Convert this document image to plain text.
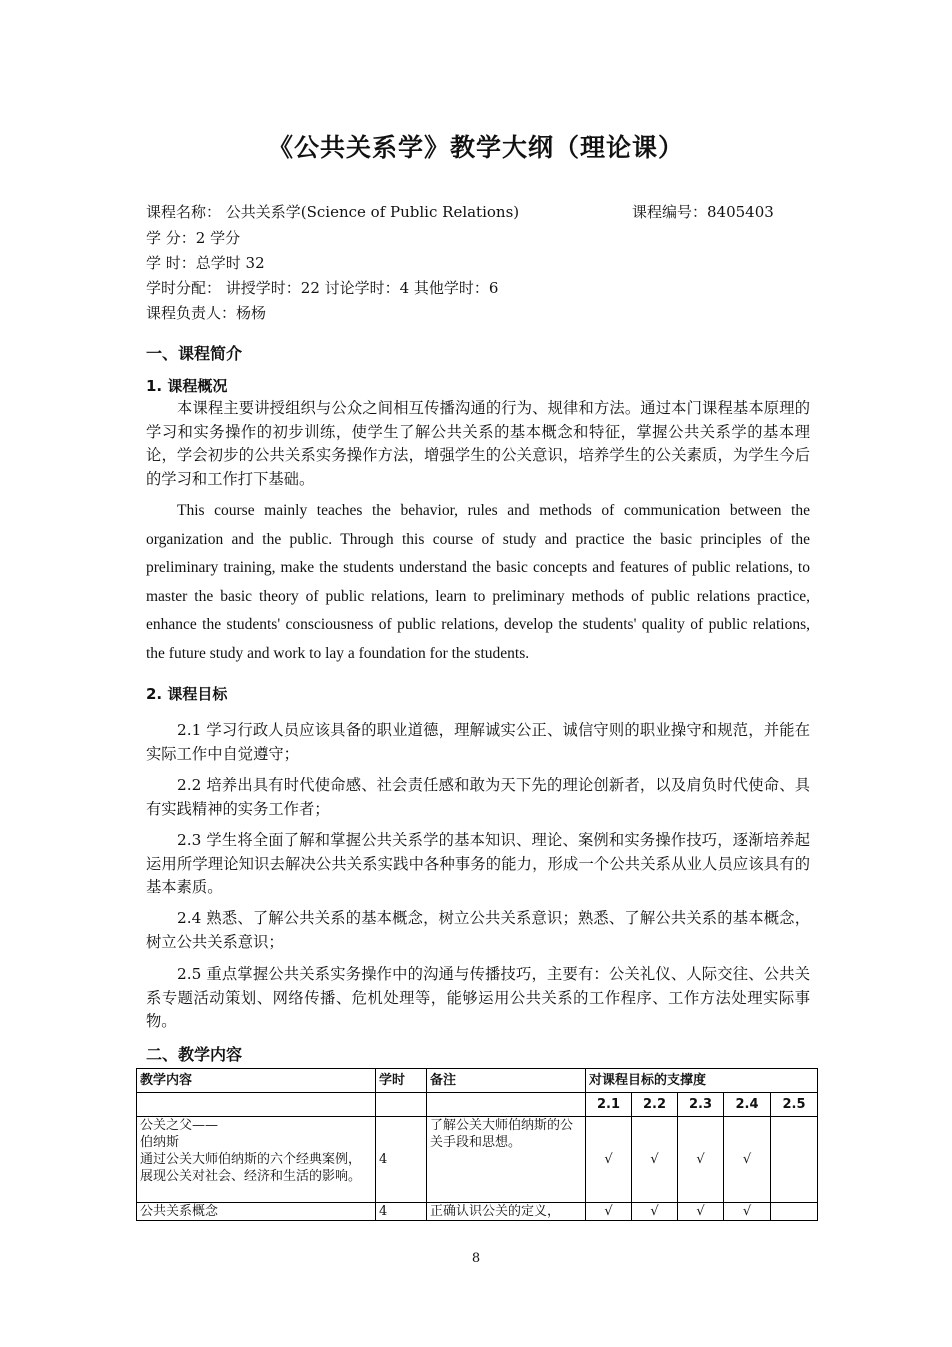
《公共关系学》教学大纲（理论课）
课程名称： 公共关系学(Science of Public Relations)	课程编号：8405403
学 分：2 学分
学 时：总学时 32
学时分配： 讲授学时：22 讨论学时：4 其他学时：6
课程负责人：杨杨
一、课程简介
1. 课程概况

本课程主要讲授组织与公众之间相互传播沟通的行为、规律和方法。通过本门课程基本原理的学习和实务操作的初步训练，使学生了解公共关系的基本概念和特征，掌握公共关系学的基本理论，学会初步的公共关系实务操作方法，增强学生的公关意识，培养学生的公关素质，为学生今后的学习和工作打下基础。

This course mainly teaches the behavior, rules and methods of communication between the organization and the public. Through this course of study and practice the basic principles of the preliminary training, make the students understand the basic concepts and features of public relations, to master the basic theory of public relations, learn to preliminary methods of public relations practice, enhance the students' consciousness of public relations, develop the students' quality of public relations, the future study and work to lay a foundation for the students.

2. 课程目标

2.1 学习行政人员应该具备的职业道德，理解诚实公正、诚信守则的职业操守和规范，并能在实际工作中自觉遵守；

2.2 培养出具有时代使命感、社会责任感和敢为天下先的理论创新者，以及肩负时代使命、具有实践精神的实务工作者；

2.3 学生将全面了解和掌握公共关系学的基本知识、理论、案例和实务操作技巧，逐渐培养起运用所学理论知识去解决公共关系实践中各种事务的能力，形成一个公共关系从业人员应该具有的基本素质。

2.4 熟悉、了解公共关系的基本概念，树立公共关系意识；熟悉、了解公共关系的基本概念，树立公共关系意识；

2.5 重点掌握公共关系实务操作中的沟通与传播技巧，主要有：公关礼仪、人际交往、公共关系专题活动策划、网络传播、危机处理等，能够运用公共关系的工作程序、工作方法处理实际事物。

二、教学内容
教学内容	学时	备注	对课程目标的支撑度				
			2.1	2.2	2.3	2.4	2.5
公关之父——
伯纳斯
通过公关大师伯纳斯的六个经典案例，展现公关对社会、经济和生活的影响。	4	了解公关大师伯纳斯的公关手段和思想。	√	√	√	√	
公共关系概念	4	正确认识公关的定义，	√	√	√	√	
8
